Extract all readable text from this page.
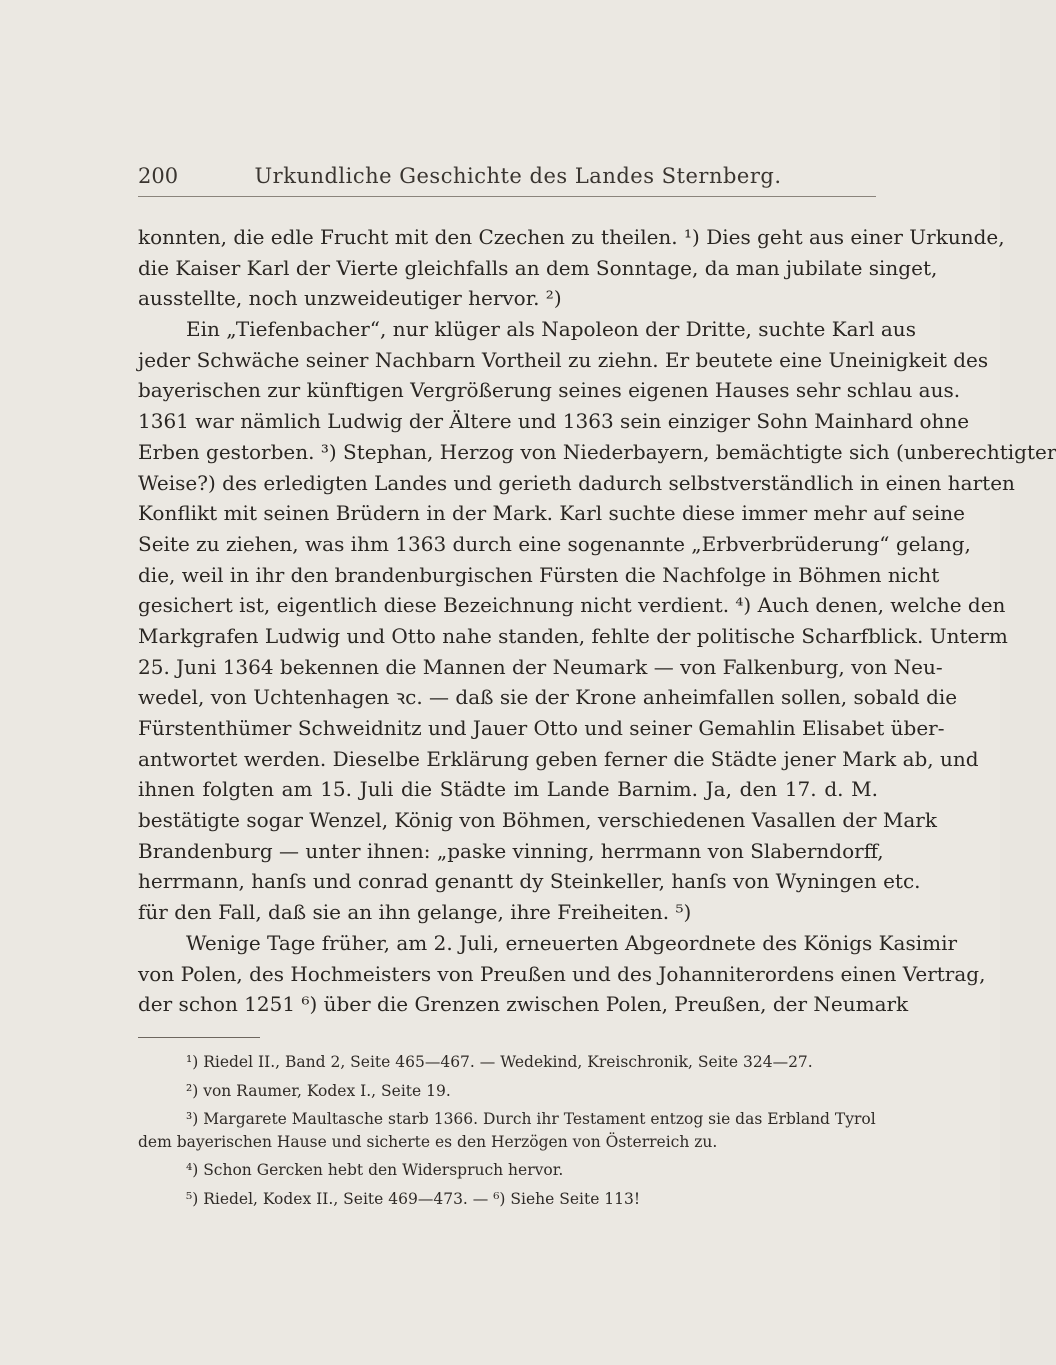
200	Urkundliche Geschichte des Landes Sternberg.
konnten, die edle Frucht mit den Czechen zu theilen. ¹) Dies geht aus einer Urkunde,
die Kaiser Karl der Vierte gleichfalls an dem Sonntage, da man jubilate singet,
ausstellte, noch unzweideutiger hervor. ²)
Ein „Tiefenbacher“, nur klüger als Napoleon der Dritte, suchte Karl aus
jeder Schwäche seiner Nachbarn Vortheil zu ziehn. Er beutete eine Uneinigkeit des
bayerischen zur künftigen Vergrößerung seines eigenen Hauses sehr schlau aus.
1361 war nämlich Ludwig der Ältere und 1363 sein einziger Sohn Mainhard ohne
Erben gestorben. ³) Stephan, Herzog von Niederbayern, bemächtigte sich (unberechtigter
Weise?) des erledigten Landes und gerieth dadurch selbstverständlich in einen harten
Konflikt mit seinen Brüdern in der Mark. Karl suchte diese immer mehr auf seine
Seite zu ziehen, was ihm 1363 durch eine sogenannte „Erbverbrüderung“ gelang,
die, weil in ihr den brandenburgischen Fürsten die Nachfolge in Böhmen nicht
gesichert ist, eigentlich diese Bezeichnung nicht verdient. ⁴) Auch denen, welche den
Markgrafen Ludwig und Otto nahe standen, fehlte der politische Scharfblick. Unterm
25. Juni 1364 bekennen die Mannen der Neumark — von Falkenburg, von Neu-
wedel, von Uchtenhagen ꝛc. — daß sie der Krone anheimfallen sollen, sobald die
Fürstenthümer Schweidnitz und Jauer Otto und seiner Gemahlin Elisabet über-
antwortet werden. Dieselbe Erklärung geben ferner die Städte jener Mark ab, und
ihnen folgten am 15. Juli die Städte im Lande Barnim. Ja, den 17. d. M.
bestätigte sogar Wenzel, König von Böhmen, verschiedenen Vasallen der Mark
Brandenburg — unter ihnen: „paske vinning, herrmann von Slaberndorff,
herrmann, hanſs und conrad genantt dy Steinkeller, hanſs von Wyningen etc.
für den Fall, daß sie an ihn gelange, ihre Freiheiten. ⁵)
Wenige Tage früher, am 2. Juli, erneuerten Abgeordnete des Königs Kasimir
von Polen, des Hochmeisters von Preußen und des Johanniterordens einen Vertrag,
der schon 1251 ⁶) über die Grenzen zwischen Polen, Preußen, der Neumark
¹) Riedel II., Band 2, Seite 465—467. — Wedekind, Kreischronik, Seite 324—27.
²) von Raumer, Kodex I., Seite 19.
³) Margarete Maultasche starb 1366. Durch ihr Testament entzog sie das Erbland Tyrol
dem bayerischen Hause und sicherte es den Herzögen von Österreich zu.
⁴) Schon Gercken hebt den Widerspruch hervor.
⁵) Riedel, Kodex II., Seite 469—473. — ⁶) Siehe Seite 113!
